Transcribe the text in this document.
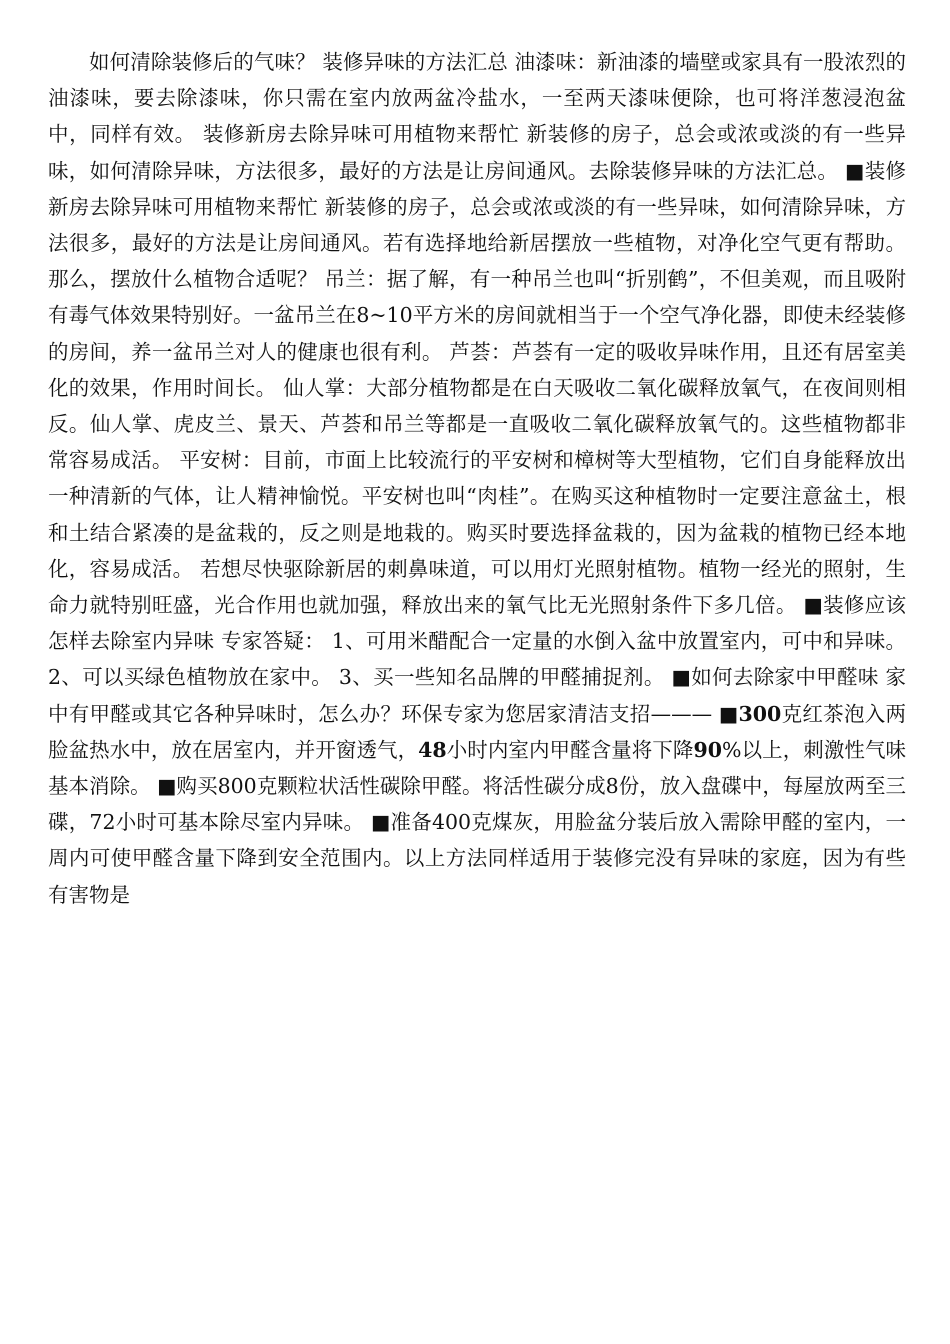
如何清除装修后的气味？ 装修异味的方法汇总 油漆味：新油漆的墙壁或家具有一股浓烈的油漆味，要去除漆味，你只需在室内放两盆冷盐水，一至两天漆味便除，也可将洋葱浸泡盆中，同样有效。 装修新房去除异味可用植物来帮忙 新装修的房子，总会或浓或淡的有一些异味，如何清除异味，方法很多，最好的方法是让房间通风。去除装修异味的方法汇总。 ■装修新房去除异味可用植物来帮忙 新装修的房子，总会或浓或淡的有一些异味，如何清除异味，方法很多，最好的方法是让房间通风。若有选择地给新居摆放一些植物，对净化空气更有帮助。那么，摆放什么植物合适呢？ 吊兰：据了解，有一种吊兰也叫“折别鹤”，不但美观，而且吸附有毒气体效果特别好。一盆吊兰在8~10平方米的房间就相当于一个空气净化器，即使未经装修的房间，养一盆吊兰对人的健康也很有利。 芦荟：芦荟有一定的吸收异味作用，且还有居室美化的效果，作用时间长。 仙人掌：大部分植物都是在白天吸收二氧化碳释放氧气，在夜间则相反。仙人掌、虎皮兰、景天、芦荟和吊兰等都是一直吸收二氧化碳释放氧气的。这些植物都非常容易成活。 平安树：目前，市面上比较流行的平安树和樟树等大型植物，它们自身能释放出一种清新的气体，让人精神愉悦。平安树也叫“肉桂”。在购买这种植物时一定要注意盆土，根和土结合紧凑的是盆栽的，反之则是地栽的。购买时要选择盆栽的，因为盆栽的植物已经本地化，容易成活。 若想尽快驱除新居的刺鼻味道，可以用灯光照射植物。植物一经光的照射，生命力就特别旺盛，光合作用也就加强，释放出来的氧气比无光照射条件下多几倍。 ■装修应该怎样去除室内异味 专家答疑： 1、可用米醋配合一定量的水倒入盆中放置室内，可中和异味。 2、可以买绿色植物放在家中。 3、买一些知名品牌的甲醛捕捉剂。 ■如何去除家中甲醛味 家中有甲醛或其它各种异味时，怎么办？环保专家为您居家清洁支招——— ■300克红茶泡入两脸盆热水中，放在居室内，并开窗透气，48小时内室内甲醛含量将下降90%以上，刺激性气味基本消除。 ■购买800克颗粒状活性碳除甲醛。将活性碳分成8份，放入盘碟中，每屋放两至三碟，72小时可基本除尽室内异味。 ■准备400克煤灰，用脸盆分装后放入需除甲醛的室内，一周内可使甲醛含量下降到安全范围内。以上方法同样适用于装修完没有异味的家庭，因为有些有害物是
